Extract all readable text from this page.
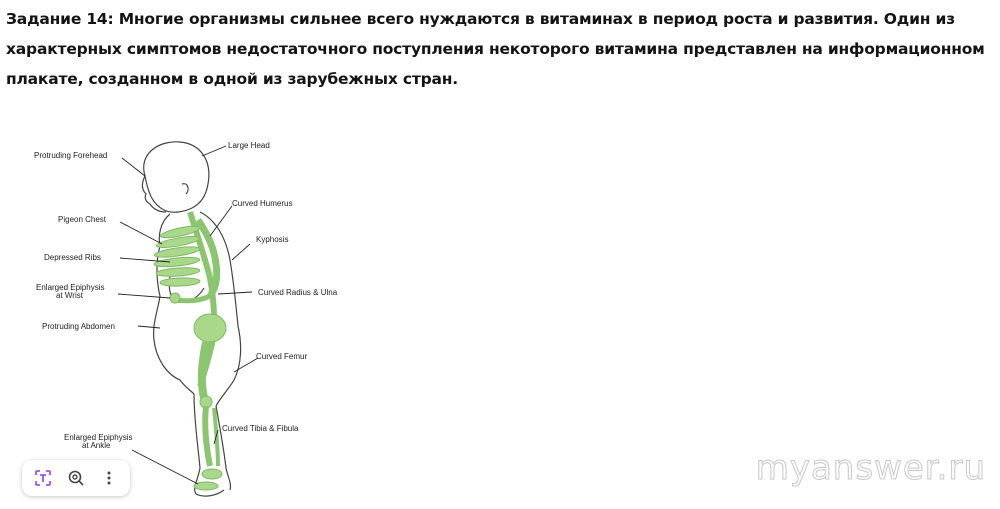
Задание 14: Многие организмы сильнее всего нуждаются в витаминах в период роста и развития. Один из характерных симптомов недостаточного поступления некоторого витамина представлен на информационном плакате, созданном в одной из зарубежных стран.
Protruding Forehead
Large Head
Pigeon Chest
Curved Humerus
Kyphosis
Depressed Ribs
Enlarged Epiphysis
at Wrist	Curved Radius & Ulna
Protruding Abdomen
Curved Femur
Curved Tibia & Fibula
Enlarged Epiphysis
at Ankle
myanswer.ru
